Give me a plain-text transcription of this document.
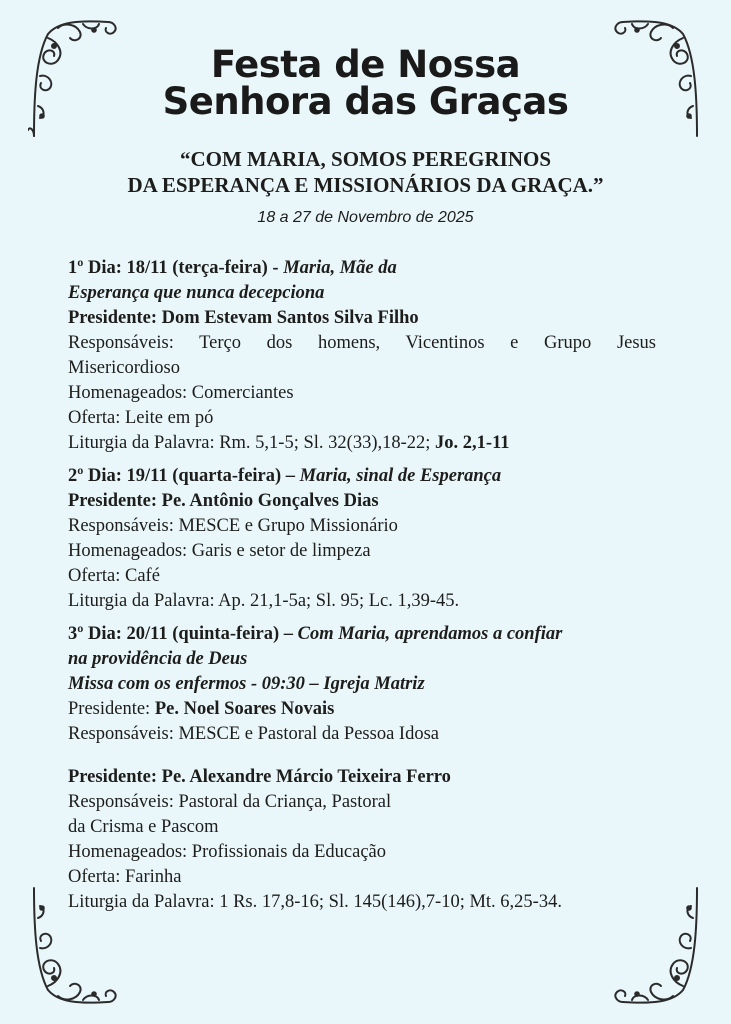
Festa de Nossa
Senhora das Graças
“COM MARIA, SOMOS PEREGRINOS
DA ESPERANÇA E MISSIONÁRIOS DA GRAÇA.”
18 a 27 de Novembro de 2025

1º Dia: 18/11 (terça-feira) - Maria, Mãe da

Esperança que nunca decepciona

Presidente: Dom Estevam Santos Silva Filho

Responsáveis: Terço dos homens, Vicentinos e Grupo Jesus

Misericordioso

Homenageados: Comerciantes

Oferta: Leite em pó

Liturgia da Palavra: Rm. 5,1-5; Sl. 32(33),18-22; Jo. 2,1-11

2º Dia: 19/11 (quarta-feira) – Maria, sinal de Esperança

Presidente: Pe. Antônio Gonçalves Dias

Responsáveis: MESCE e Grupo Missionário

Homenageados: Garis e setor de limpeza

Oferta: Café

Liturgia da Palavra: Ap. 21,1-5a; Sl. 95; Lc. 1,39-45.

3º Dia: 20/11 (quinta-feira) – Com Maria, aprendamos a confiar

na providência de Deus

Missa com os enfermos - 09:30 – Igreja Matriz

Presidente: Pe. Noel Soares Novais

Responsáveis: MESCE e Pastoral da Pessoa Idosa

Presidente: Pe. Alexandre Márcio Teixeira Ferro

Responsáveis: Pastoral da Criança, Pastoral

da Crisma e Pascom

Homenageados: Profissionais da Educação

Oferta: Farinha

Liturgia da Palavra: 1 Rs. 17,8-16; Sl. 145(146),7-10; Mt. 6,25-34.
